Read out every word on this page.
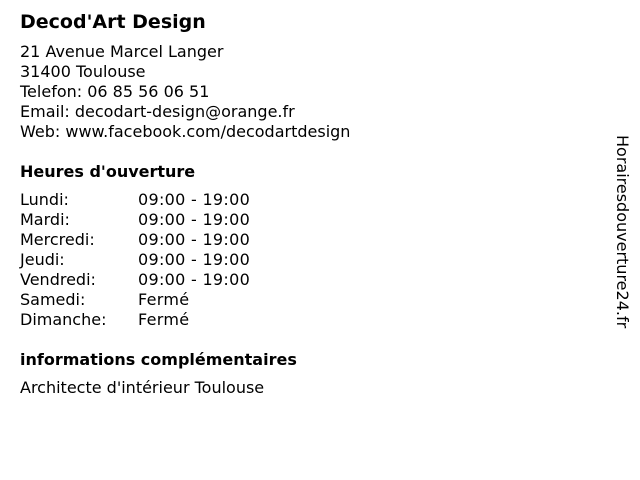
Decod'Art Design
21 Avenue Marcel Langer
31400 Toulouse
Telefon: 06 85 56 06 51
Email: decodart-design@orange.fr
Web: www.facebook.com/decodartdesign
Heures d'ouverture
Lundi:	09:00 - 19:00
Mardi:	09:00 - 19:00
Mercredi:	09:00 - 19:00
Jeudi:	09:00 - 19:00
Vendredi:	09:00 - 19:00
Samedi:	Fermé
Dimanche:	Fermé
informations complémentaires
Architecte d'intérieur Toulouse
Horairesdouverture24.fr
